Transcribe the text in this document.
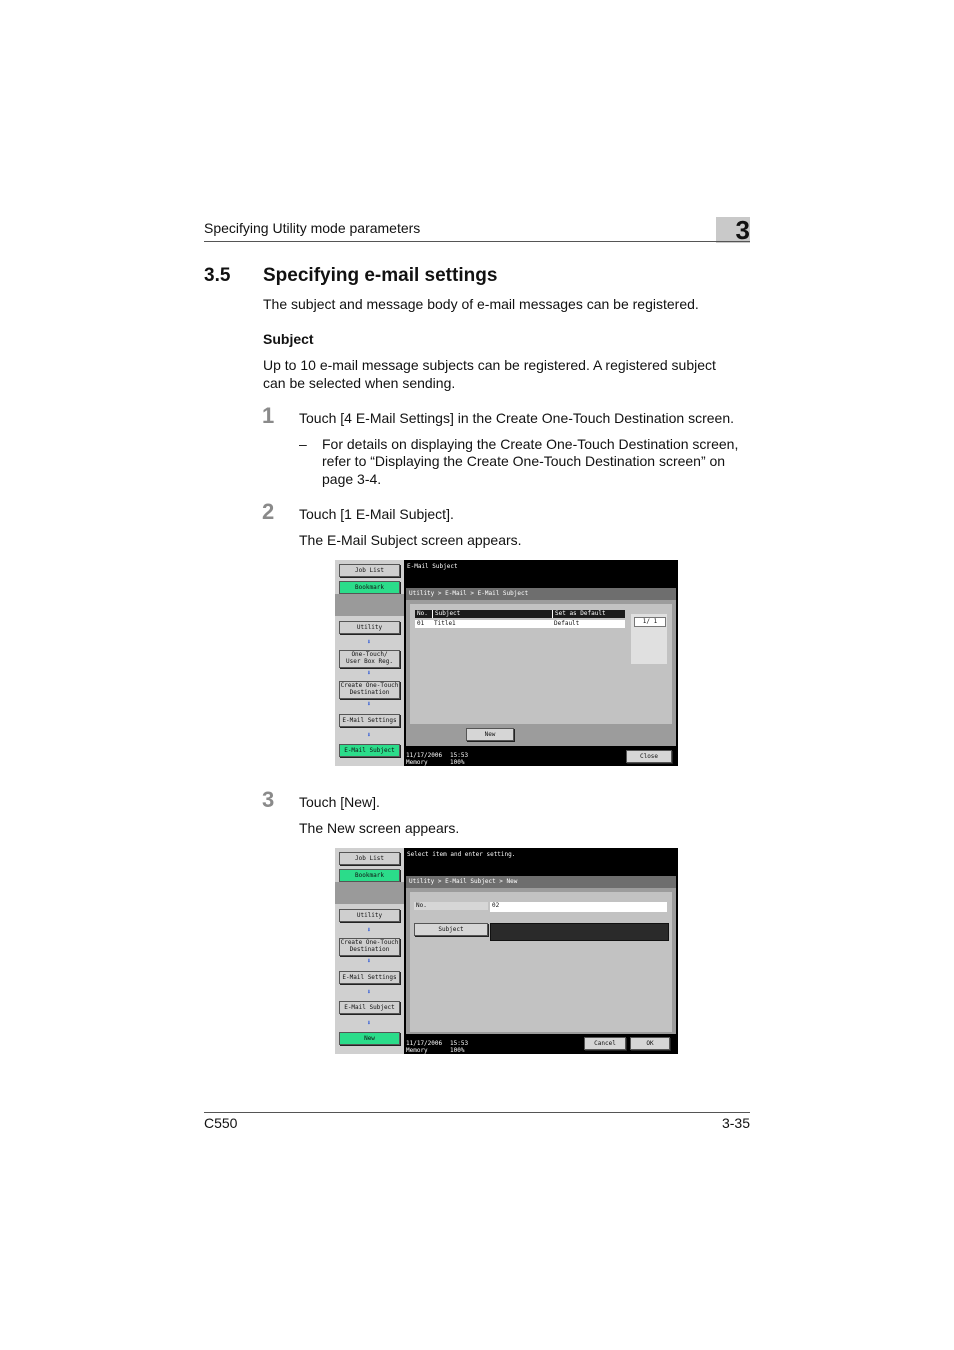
Specifying Utility mode parameters	3
3.5 Specifying e-mail settings
The subject and message body of e-mail messages can be registered.
Subject
Up to 10 e-mail message subjects can be registered. A registered subject
can be selected when sending.
1 Touch [4 E-Mail Settings] in the Create One-Touch Destination screen.
– For details on displaying the Create One-Touch Destination screen,
refer to “Displaying the Create One-Touch Destination screen” on
page 3-4.
2 Touch [1 E-Mail Subject].
The E-Mail Subject screen appears.
Job List
Bookmark
Utility
⬇
One-Touch/
User Box Reg.
⬇
Create One-Touch
Destination
⬇
E-Mail Settings
⬇
E-Mail Subject
E-Mail Subject
Utility > E-Mail > E-Mail Subject
No.	Subject	Set as Default
01	Title1	Default	1/ 1
New
11/17/2006
Memory
15:53
100%
Close
3 Touch [New].
The New screen appears.
Job List
Bookmark
Utility
⬇
Create One-Touch
Destination
⬇
E-Mail Settings
⬇
E-Mail Subject
⬇
New
Select item and enter setting.
Utility > E-Mail Subject > New
No.	02
Subject
11/17/2006
Memory
15:53
100%
Cancel	OK
C550	3-35
